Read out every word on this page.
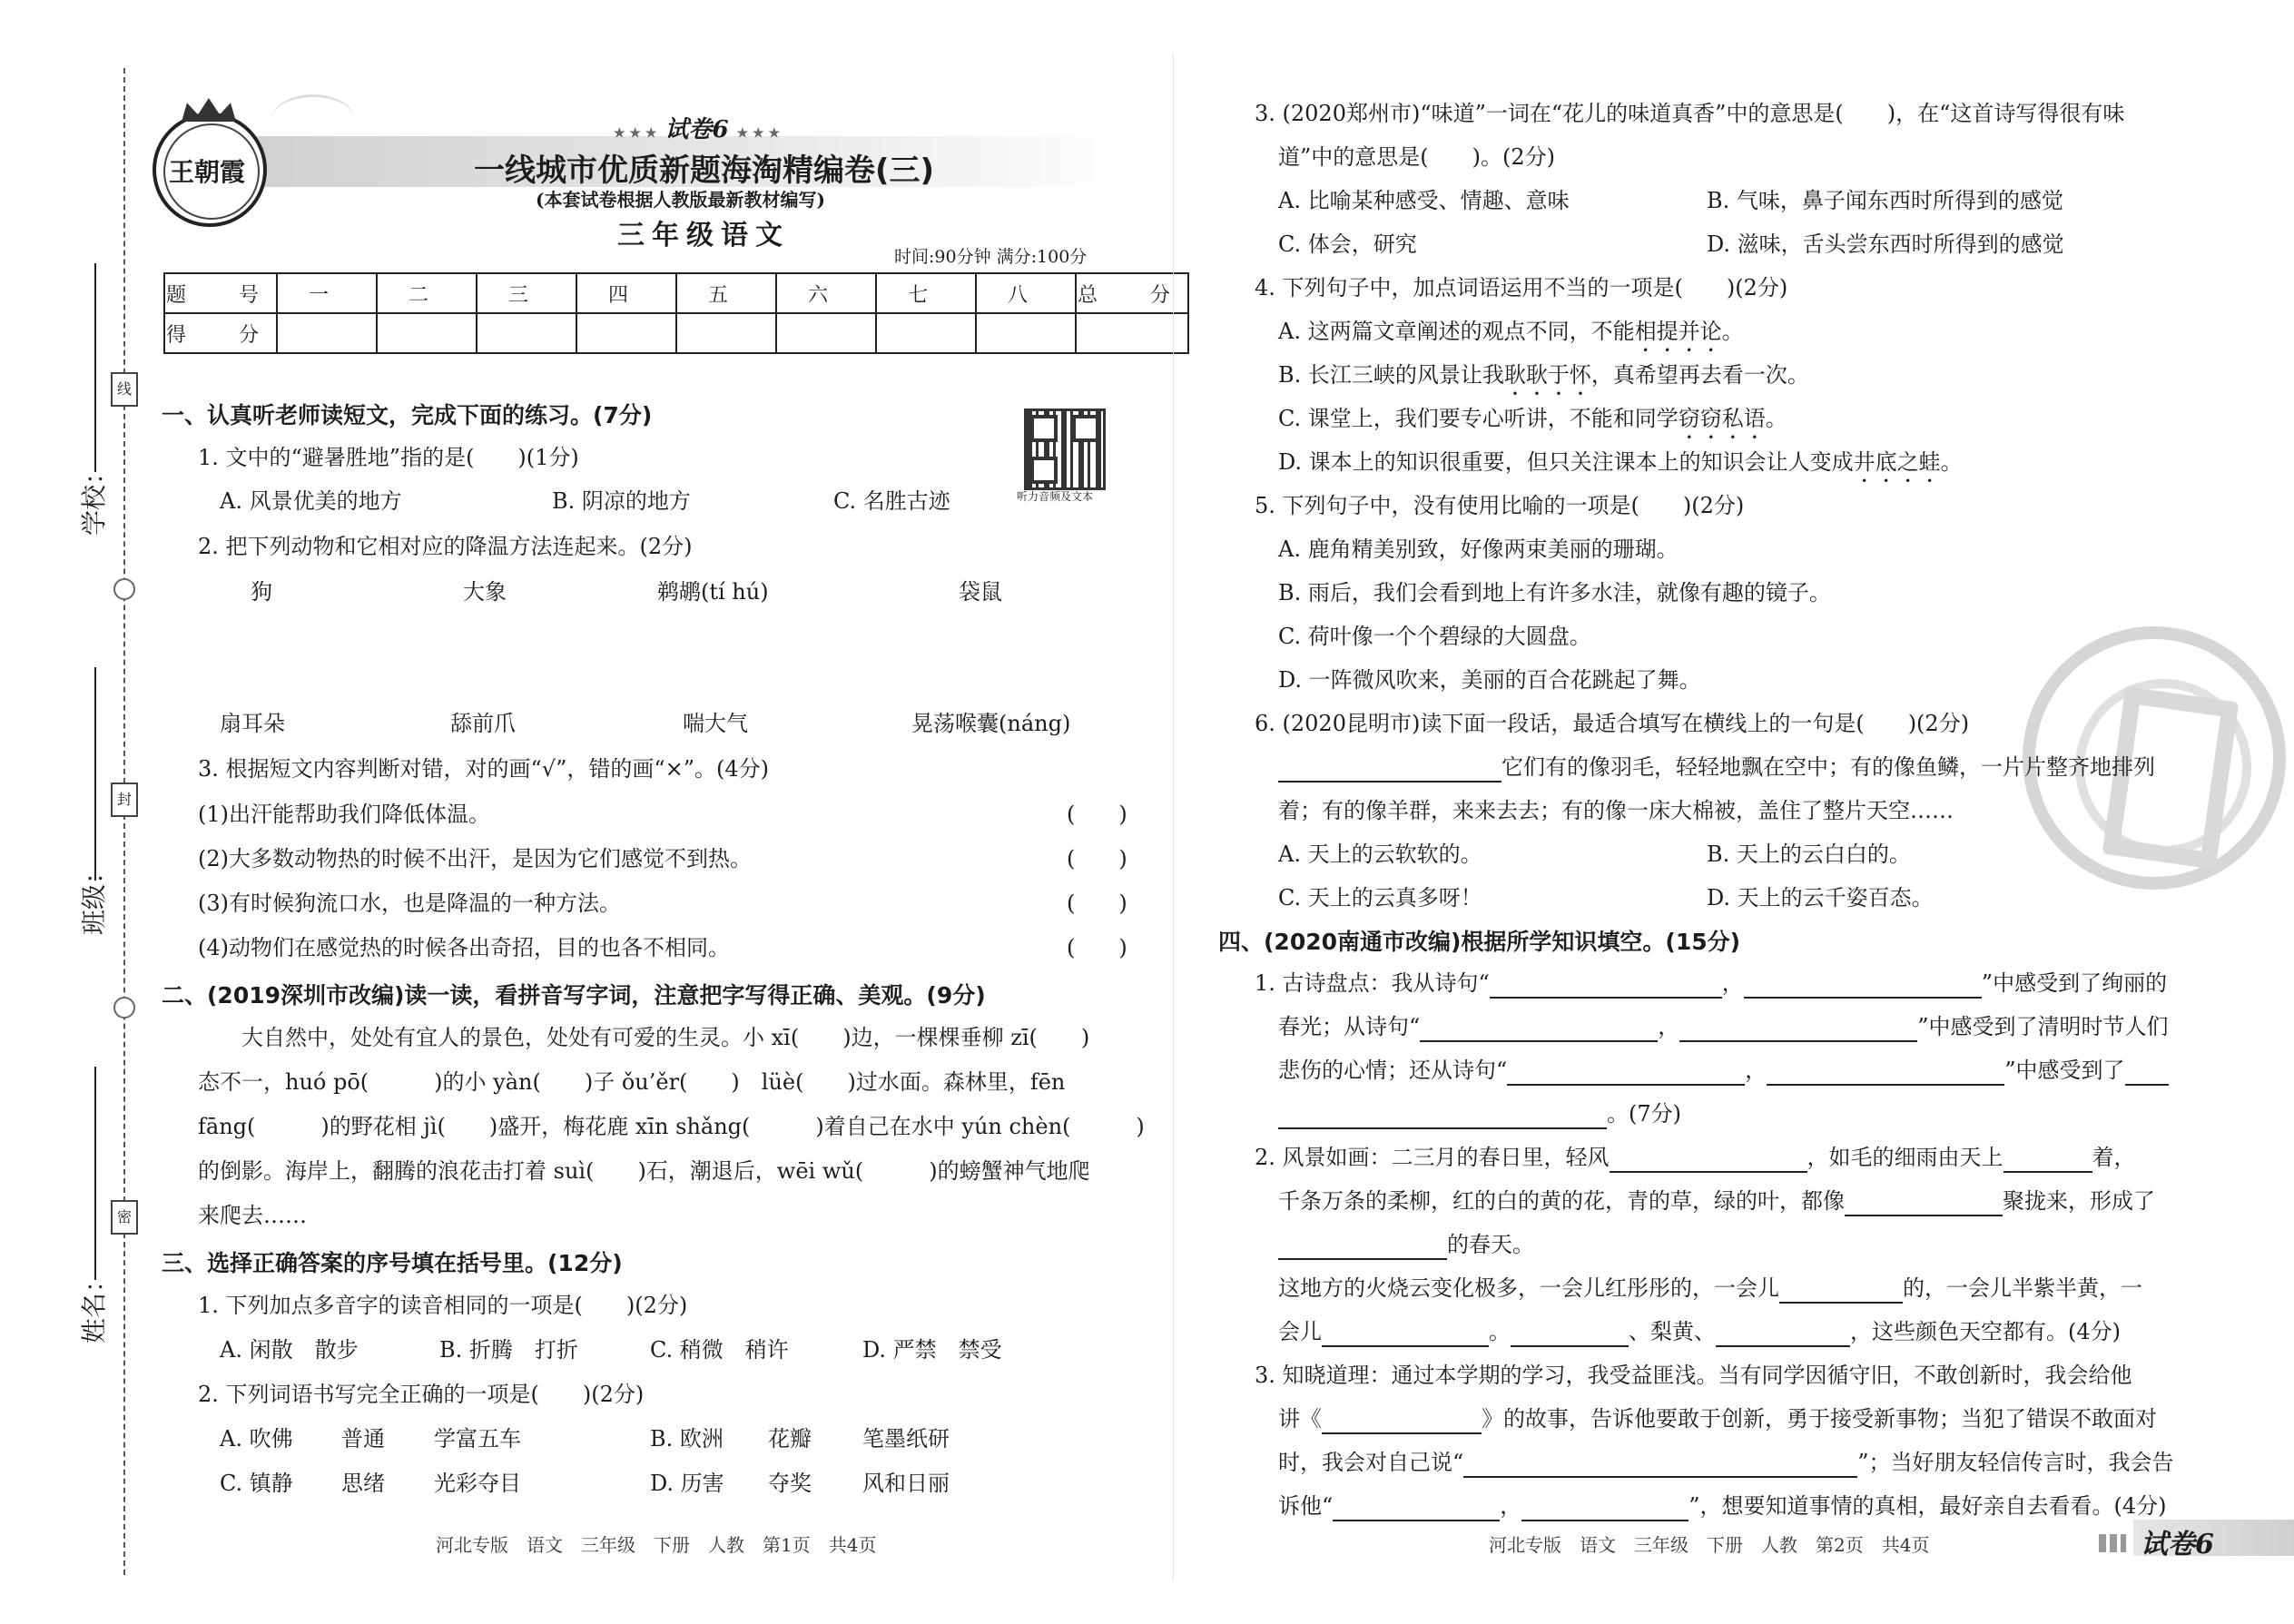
线
封
密
学校：
班级：
姓名：
王朝霞
★ ★ ★ 试卷6 ★ ★ ★
一线城市优质新题海淘精编卷(三)
(本套试卷根据人教版最新教材编写)
三年级语文
时间:90分钟 满分:100分
题　号	一	二	三	四	五	六	七	八	总　分
得　分									
听力音频及文本
一、认真听老师读短文，完成下面的练习。(7分)
1. 文中的“避暑胜地”指的是(　　)(1分)
A. 风景优美的地方	B. 阴凉的地方	C. 名胜古迹
2. 把下列动物和它相对应的降温方法连起来。(2分)
狗	大象	鹈鹕(tí hú)	袋鼠
扇耳朵	舔前爪	喘大气	晃荡喉囊(náng)
3. 根据短文内容判断对错，对的画“√”，错的画“×”。(4分)
(1)出汗能帮助我们降低体温。	(　　)
(2)大多数动物热的时候不出汗，是因为它们感觉不到热。	(　　)
(3)有时候狗流口水，也是降温的一种方法。	(　　)
(4)动物们在感觉热的时候各出奇招，目的也各不相同。	(　　)
二、(2019深圳市改编)读一读，看拼音写字词，注意把字写得正确、美观。(9分)
　　大自然中，处处有宜人的景色，处处有可爱的生灵。小 xī(　　)边，一棵棵垂柳 zī(　　)
态不一，huó pō(　　　)的小 yàn(　　)子 ǒu’ěr(　　)　lüè(　　)过水面。森林里，fēn
fāng(　　　)的野花相 jì(　　)盛开，梅花鹿 xīn shǎng(　　　)着自己在水中 yún chèn(　　　)
的倒影。海岸上，翻腾的浪花击打着 suì(　　)石，潮退后，wēi wǔ(　　　)的螃蟹神气地爬
来爬去……
三、选择正确答案的序号填在括号里。(12分)
1. 下列加点多音字的读音相同的一项是(　　)(2分)
A. 闲散　散步	B. 折腾　打折	C. 稍微　稍许	D. 严禁　禁受
2. 下列词语书写完全正确的一项是(　　)(2分)
A. 吹佛 普通 学富五车	B. 欧洲 花瓣 笔墨纸研
C. 镇静 思绪 光彩夺目	D. 历害 夺奖 风和日丽
河北专版　语文　三年级　下册　人教　第1页　共4页
3. (2020郑州市)“味道”一词在“花儿的味道真香”中的意思是(　　)，在“这首诗写得很有味
道”中的意思是(　　)。(2分)
A. 比喻某种感受、情趣、意味	B. 气味，鼻子闻东西时所得到的感觉
C. 体会，研究	D. 滋味，舌头尝东西时所得到的感觉
4. 下列句子中，加点词语运用不当的一项是(　　)(2分)
A. 这两篇文章阐述的观点不同，不能相提并论。
B. 长江三峡的风景让我耿耿于怀，真希望再去看一次。
C. 课堂上，我们要专心听讲，不能和同学窃窃私语。
D. 课本上的知识很重要，但只关注课本上的知识会让人变成井底之蛙。
5. 下列句子中，没有使用比喻的一项是(　　)(2分)
A. 鹿角精美别致，好像两束美丽的珊瑚。
B. 雨后，我们会看到地上有许多水洼，就像有趣的镜子。
C. 荷叶像一个个碧绿的大圆盘。
D. 一阵微风吹来，美丽的百合花跳起了舞。
6. (2020昆明市)读下面一段话，最适合填写在横线上的一句是(　　)(2分)
它们有的像羽毛，轻轻地飘在空中；有的像鱼鳞，一片片整齐地排列
着；有的像羊群，来来去去；有的像一床大棉被，盖住了整片天空……
A. 天上的云软软的。	B. 天上的云白白的。
C. 天上的云真多呀！	D. 天上的云千姿百态。
四、(2020南通市改编)根据所学知识填空。(15分)
1. 古诗盘点：我从诗句“	，	”中感受到了绚丽的
春光；从诗句“	，	”中感受到了清明时节人们
悲伤的心情；还从诗句“	，	”中感受到了
。(7分)
2. 风景如画：二三月的春日里，轻风	，如毛的细雨由天上	着，
千条万条的柔柳，红的白的黄的花，青的草，绿的叶，都像	聚拢来，形成了
的春天。
这地方的火烧云变化极多，一会儿红彤彤的，一会儿	的，一会儿半紫半黄，一
会儿	。	、梨黄、	，这些颜色天空都有。(4分)
3. 知晓道理：通过本学期的学习，我受益匪浅。当有同学因循守旧，不敢创新时，我会给他
讲《	》的故事，告诉他要敢于创新，勇于接受新事物；当犯了错误不敢面对
时，我会对自己说“	”；当好朋友轻信传言时，我会告
诉他“	，	”，想要知道事情的真相，最好亲自去看看。(4分)
河北专版　语文　三年级　下册　人教　第2页　共4页	试卷6
